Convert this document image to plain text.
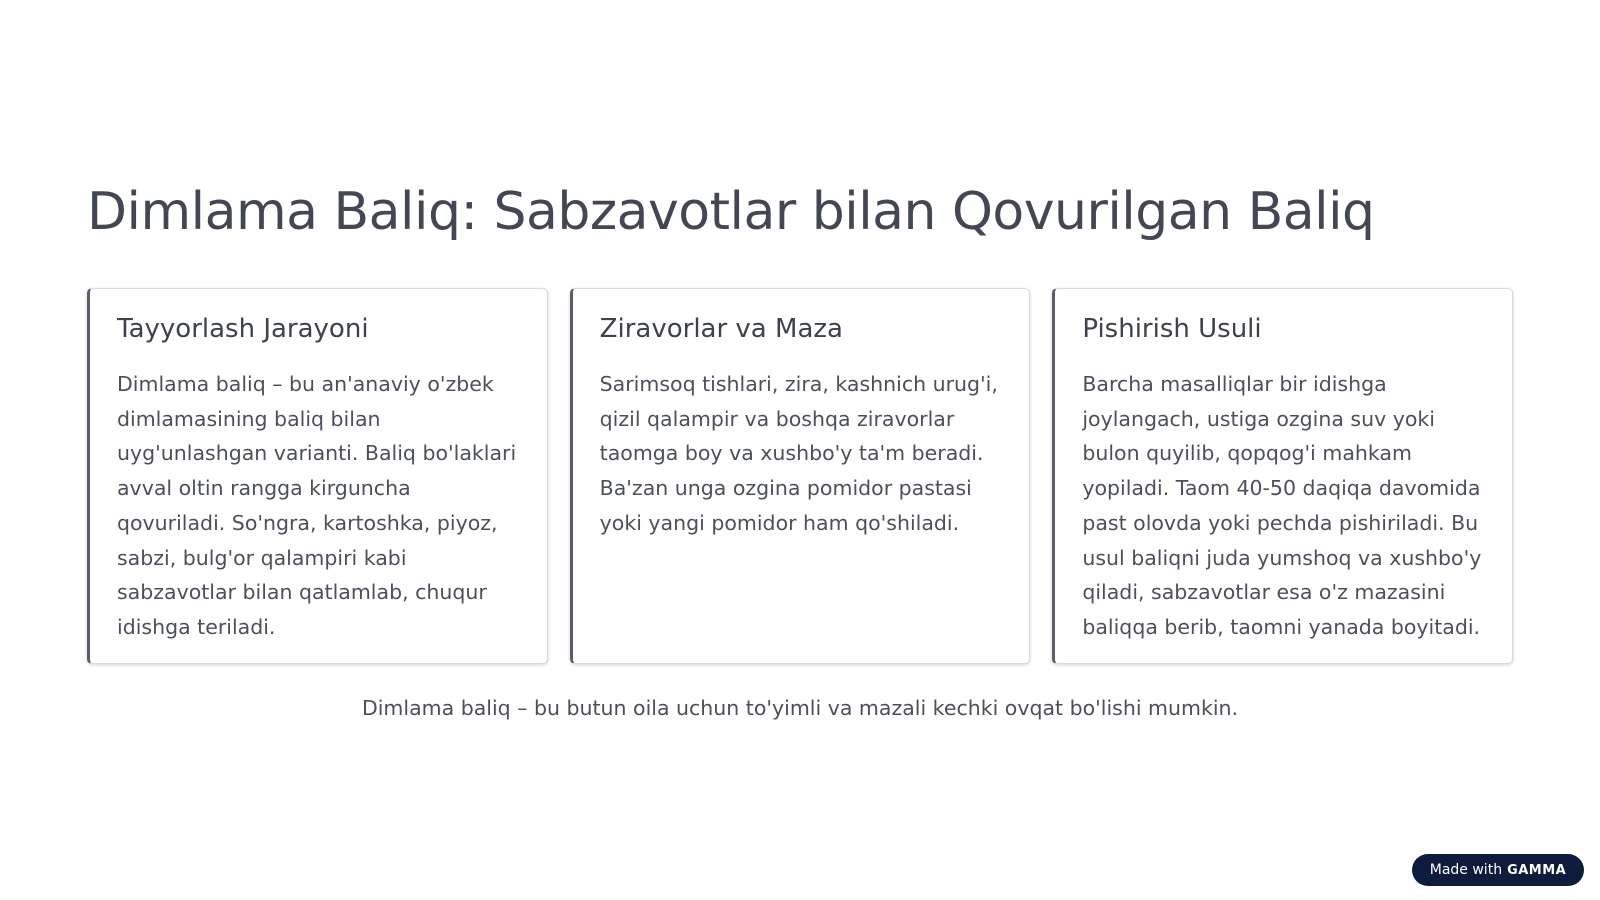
Dimlama Baliq: Sabzavotlar bilan Qovurilgan Baliq
Tayyorlash Jarayoni

Dimlama baliq – bu an'anaviy o'zbek dimlamasining baliq bilan uyg'unlashgan varianti. Baliq bo'laklari avval oltin rangga kirguncha qovuriladi. So'ngra, kartoshka, piyoz, sabzi, bulg'or qalampiri kabi sabzavotlar bilan qatlamlab, chuqur idishga teriladi.

Ziravorlar va Maza

Sarimsoq tishlari, zira, kashnich urug'i, qizil qalampir va boshqa ziravorlar taomga boy va xushbo'y ta'm beradi. Ba'zan unga ozgina pomidor pastasi yoki yangi pomidor ham qo'shiladi.

Pishirish Usuli

Barcha masalliqlar bir idishga joylangach, ustiga ozgina suv yoki bulon quyilib, qopqog'i mahkam yopiladi. Taom 40-50 daqiqa davomida past olovda yoki pechda pishiriladi. Bu usul baliqni juda yumshoq va xushbo'y qiladi, sabzavotlar esa o'z mazasini baliqqa berib, taomni yanada boyitadi.

Dimlama baliq – bu butun oila uchun to'yimli va mazali kechki ovqat bo'lishi mumkin.

Made with GAMMA
